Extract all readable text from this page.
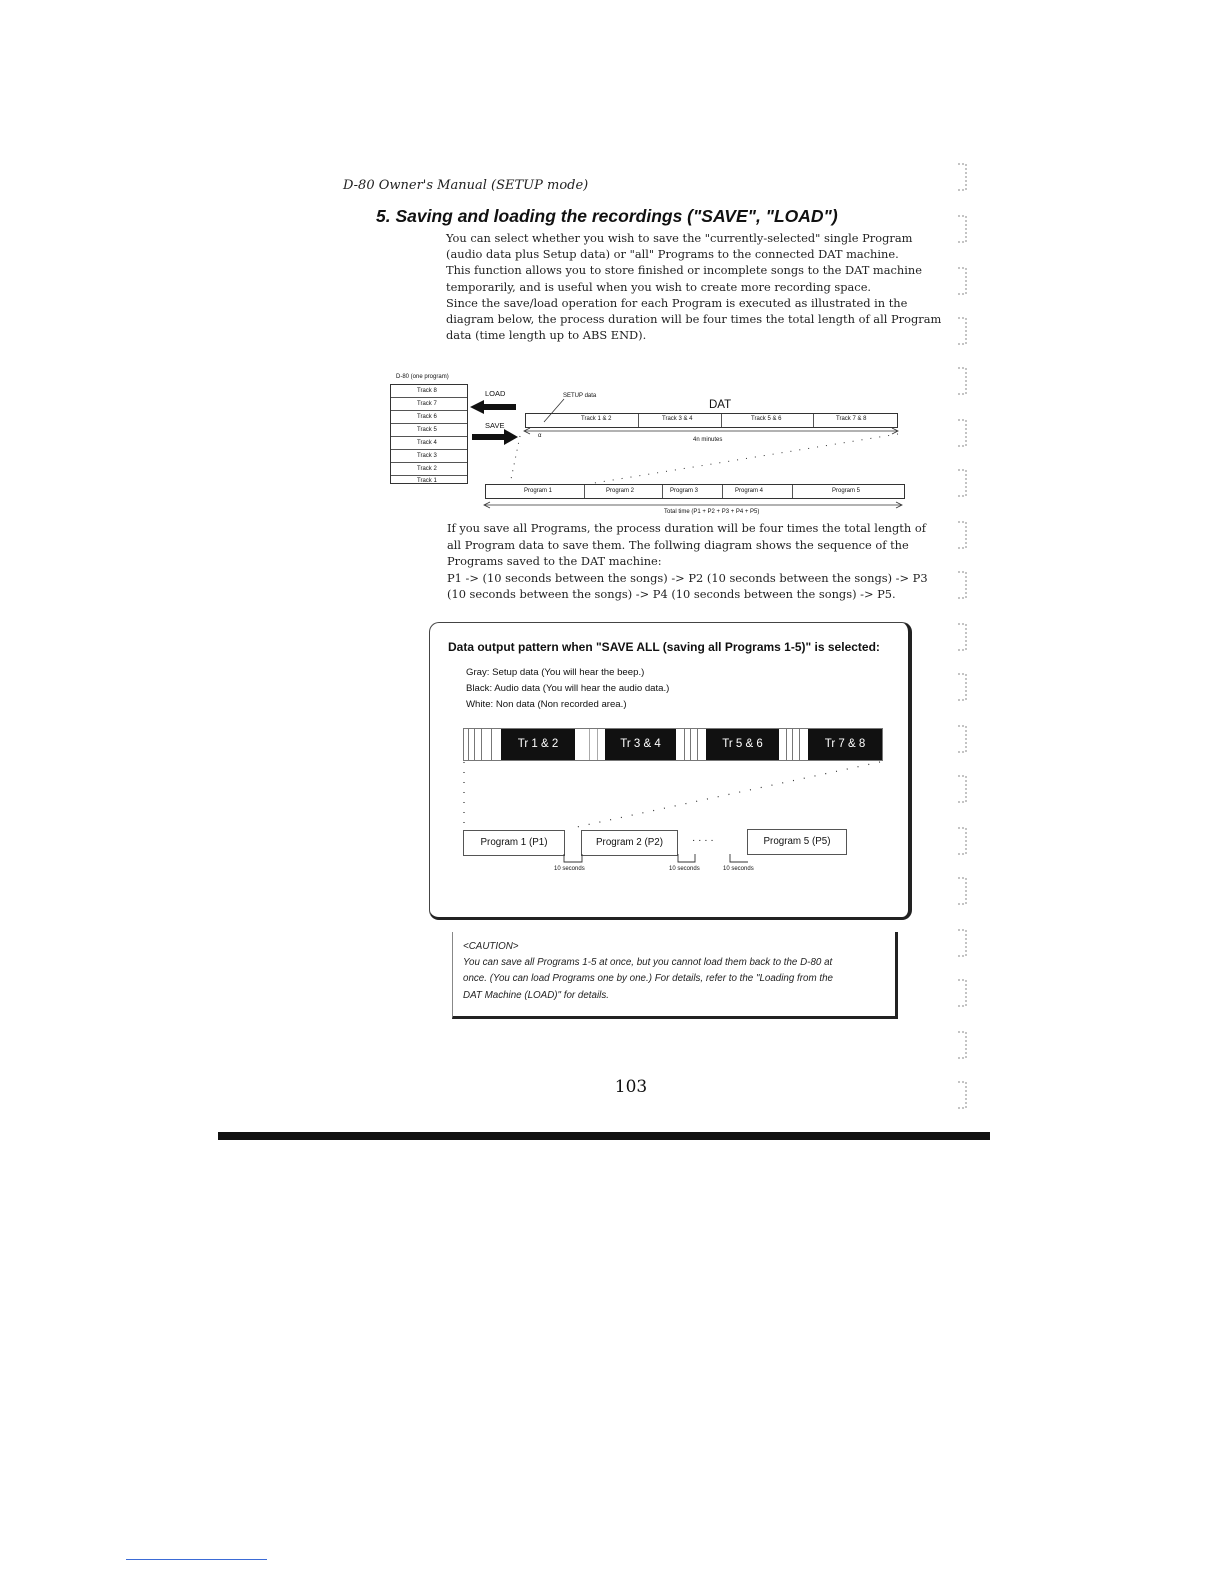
D-80 Owner's Manual (SETUP mode)
5. Saving and loading the recordings ("SAVE", "LOAD")
You can select whether you wish to save the "currently-selected" single Program
(audio data plus Setup data) or "all" Programs to the connected DAT machine.
This function allows you to store finished or incomplete songs to the DAT machine
temporarily, and is useful when you wish to create more recording space.
Since the save/load operation for each Program is executed as illustrated in the
diagram below, the process duration will be four times the total length of all Program
data (time length up to ABS END).
D-80 (one program)
Track 8
Track 7
Track 6
Track 5
Track 4
Track 3
Track 2
Track 1
LOAD
SAVE
SETUP data
DAT
Track 1 & 2	Track 3 & 4	Track 5 & 6	Track 7 & 8
α
4n minutes
Program 1	Program 2	Program 3	Program 4	Program 5
Total time (P1 + P2 + P3 + P4 + P5)
If you save all Programs, the process duration will be four times the total length of
all Program data to save them. The follwing diagram shows the sequence of the
Programs saved to the DAT machine:
P1 -> (10 seconds between the songs) -> P2 (10 seconds between the songs) -> P3
(10 seconds between the songs) -> P4 (10 seconds between the songs) -> P5.
Data output pattern when "SAVE ALL (saving all Programs 1-5)" is selected:
Gray: Setup data (You will hear the beep.)
Black: Audio data (You will hear the audio data.)
White: Non data (Non recorded area.)
Tr 1 & 2	Tr 3 & 4	Tr 5 & 6	Tr 7 & 8
Program 1 (P1)	Program 2 (P2)	· · · ·	Program 5 (P5)
10 seconds	10 seconds	10 seconds
<CAUTION>
You can save all Programs 1-5 at once, but you cannot load them back to the D-80 at
once. (You can load Programs one by one.) For details, refer to the "Loading from the
DAT Machine (LOAD)" for details.
103
